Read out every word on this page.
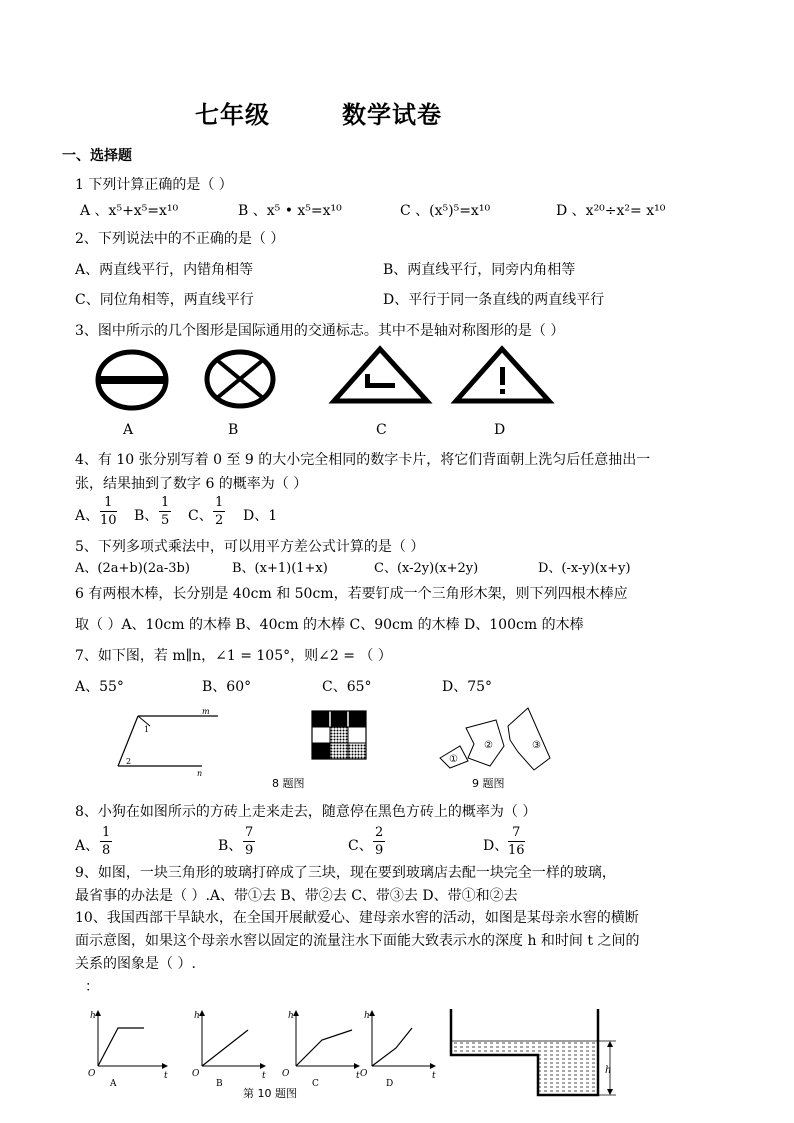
七年级	数学试卷
一、选择题
1 下列计算正确的是（ ）
A 、x⁵+x⁵=x¹⁰	B 、x⁵ • x⁵=x¹⁰	C 、(x⁵)⁵=x¹⁰	D 、x²⁰÷x²= x¹⁰
2、下列说法中的不正确的是（ ）
A、两直线平行，内错角相等	B、两直线平行，同旁内角相等
C、同位角相等，两直线平行	D、平行于同一条直线的两直线平行
3、图中所示的几个图形是国际通用的交通标志。其中不是轴对称图形的是（ ）
A	B	C	D
4、有 10 张分别写着 0 至 9 的大小完全相同的数字卡片，将它们背面朝上洗匀后任意抽出一
张，结果抽到了数字 6 的概率为（ ）
A、 $\frac{1}{10}$ B、 $\frac{1}{5}$ C、 $\frac{1}{2}$ D、1
5、下列多项式乘法中，可以用平方差公式计算的是（ ）
A、(2a+b)(2a-3b)	B、(x+1)(1+x)	C、(x-2y)(x+2y)	D、(-x-y)(x+y)
6 有两根木棒，长分别是 40cm 和 50cm，若要钉成一个三角形木架，则下列四根木棒应
取（ ）A、10cm 的木棒 B、40cm 的木棒 C、90cm 的木棒 D、100cm 的木棒
7、如下图，若 m∥n，∠1 = 105°，则∠2 = （ ）
A、55°	B、60°	C、65°	D、75°
m
n
1
2
8 题图
①
②	③
9 题图
8、小狗在如图所示的方砖上走来走去，随意停在黑色方砖上的概率为（ ）
A、 $\frac{1}{8}$	B、 $\frac{7}{9}$	C、 $\frac{2}{9}$	D、 $\frac{7}{16}$
9、如图，一块三角形的玻璃打碎成了三块，现在要到玻璃店去配一块完全一样的玻璃，
最省事的办法是（ ）.A、带①去 B、带②去 C、带③去 D、带①和②去
10、我国西部干旱缺水，在全国开展献爱心、建母亲水窖的活动，如图是某母亲水窖的横断
面示意图，如果这个母亲水窖以固定的流量注水下面能大致表示水的深度 h 和时间 t 之间的
关系的图象是（ ）.
：
h
O	t
A
h
O	t
B
h
O	t
C
h
O	t
D
第 10 题图
h
